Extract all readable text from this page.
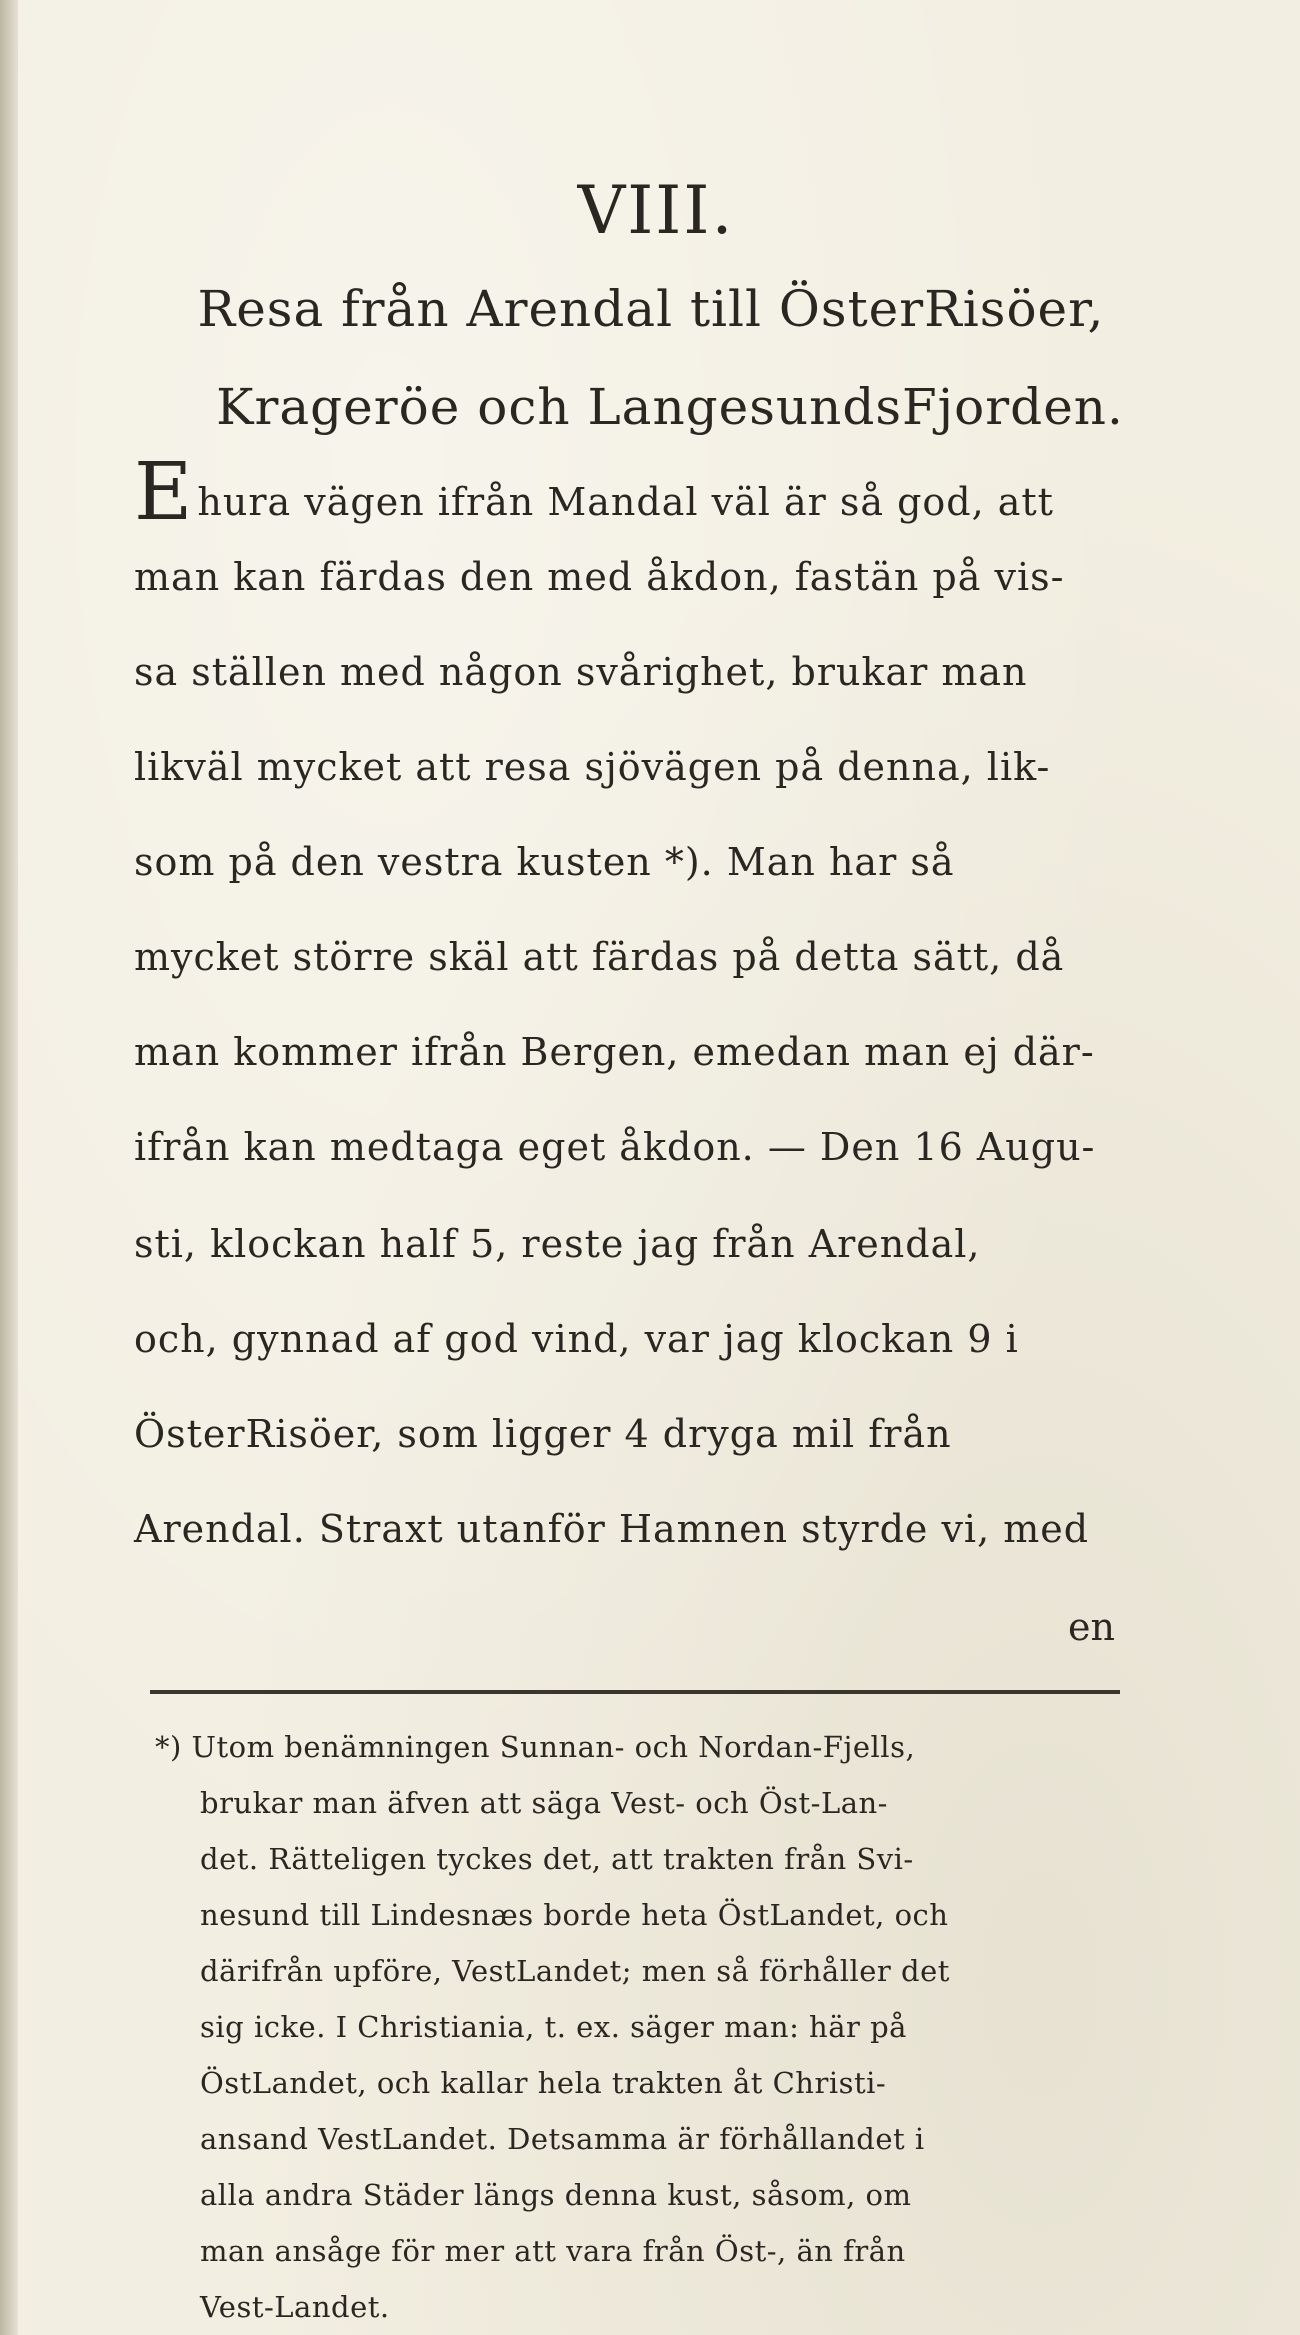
VIII.
Resa från Arendal till ÖsterRisöer,
Krageröe och LangesundsFjorden.
Ehura vägen ifrån Mandal väl är så god, att
man kan färdas den med åkdon, fastän på vis-
sa ställen med någon svårighet, brukar man
likväl mycket att resa sjövägen på denna, lik-
som på den vestra kusten *). Man har så
mycket större skäl att färdas på detta sätt, då
man kommer ifrån Bergen, emedan man ej där-
ifrån kan medtaga eget åkdon. — Den 16 Augu-
sti, klockan half 5, reste jag från Arendal,
och, gynnad af god vind, var jag klockan 9 i
ÖsterRisöer, som ligger 4 dryga mil från
Arendal. Straxt utanför Hamnen styrde vi, med
en
*) Utom benämningen Sunnan- och Nordan-Fjells,
brukar man äfven att säga Vest- och Öst-Lan-
det. Rätteligen tyckes det, att trakten från Svi-
nesund till Lindesnæs borde heta ÖstLandet, och
därifrån upföre, VestLandet; men så förhåller det
sig icke. I Christiania, t. ex. säger man: här på
ÖstLandet, och kallar hela trakten åt Christi-
ansand VestLandet. Detsamma är förhållandet i
alla andra Städer längs denna kust, såsom, om
man ansåge för mer att vara från Öst-, än från
Vest-Landet.
